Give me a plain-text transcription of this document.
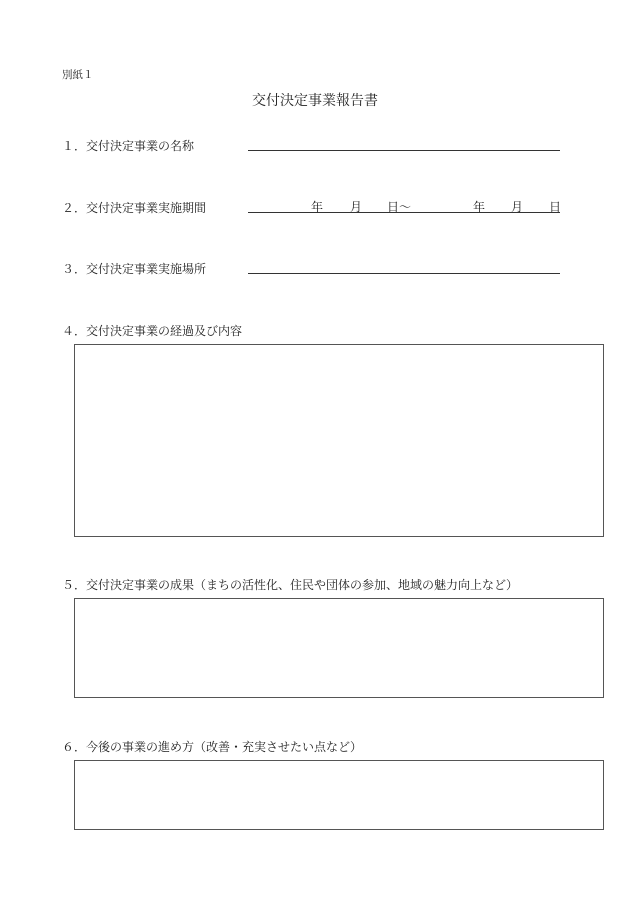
別紙１
交付決定事業報告書
１．交付決定事業の名称
２．交付決定事業実施期間	年 月 日～	年 月 日
３．交付決定事業実施場所
４．交付決定事業の経過及び内容
５．交付決定事業の成果（まちの活性化、住民や団体の参加、地域の魅力向上など）
６．今後の事業の進め方（改善・充実させたい点など）
